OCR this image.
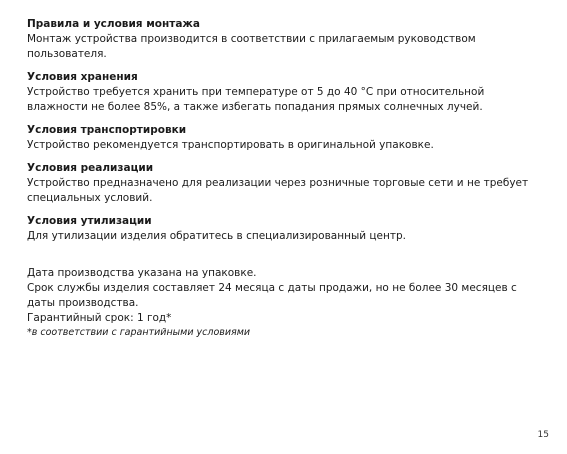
Правила и условия монтажа

Монтаж устройства производится в соответствии с прилагаемым руководством пользователя.

Условия хранения

Устройство требуется хранить при температуре от 5 до 40 °С при относительной влажности не более 85%, а также избегать попадания прямых солнечных лучей.

Условия транспортировки

Устройство рекомендуется транспортировать в оригинальной упаковке.

Условия реализации

Устройство предназначено для реализации через розничные торговые сети и не требует специальных условий.

Условия утилизации

Для утилизации изделия обратитесь в специализированный центр.

Дата производства указана на упаковке.

Срок службы изделия составляет 24 месяца с даты продажи, но не более 30 месяцев с даты производства.

Гарантийный срок: 1 год*

*в соответствии с гарантийными условиями

15
